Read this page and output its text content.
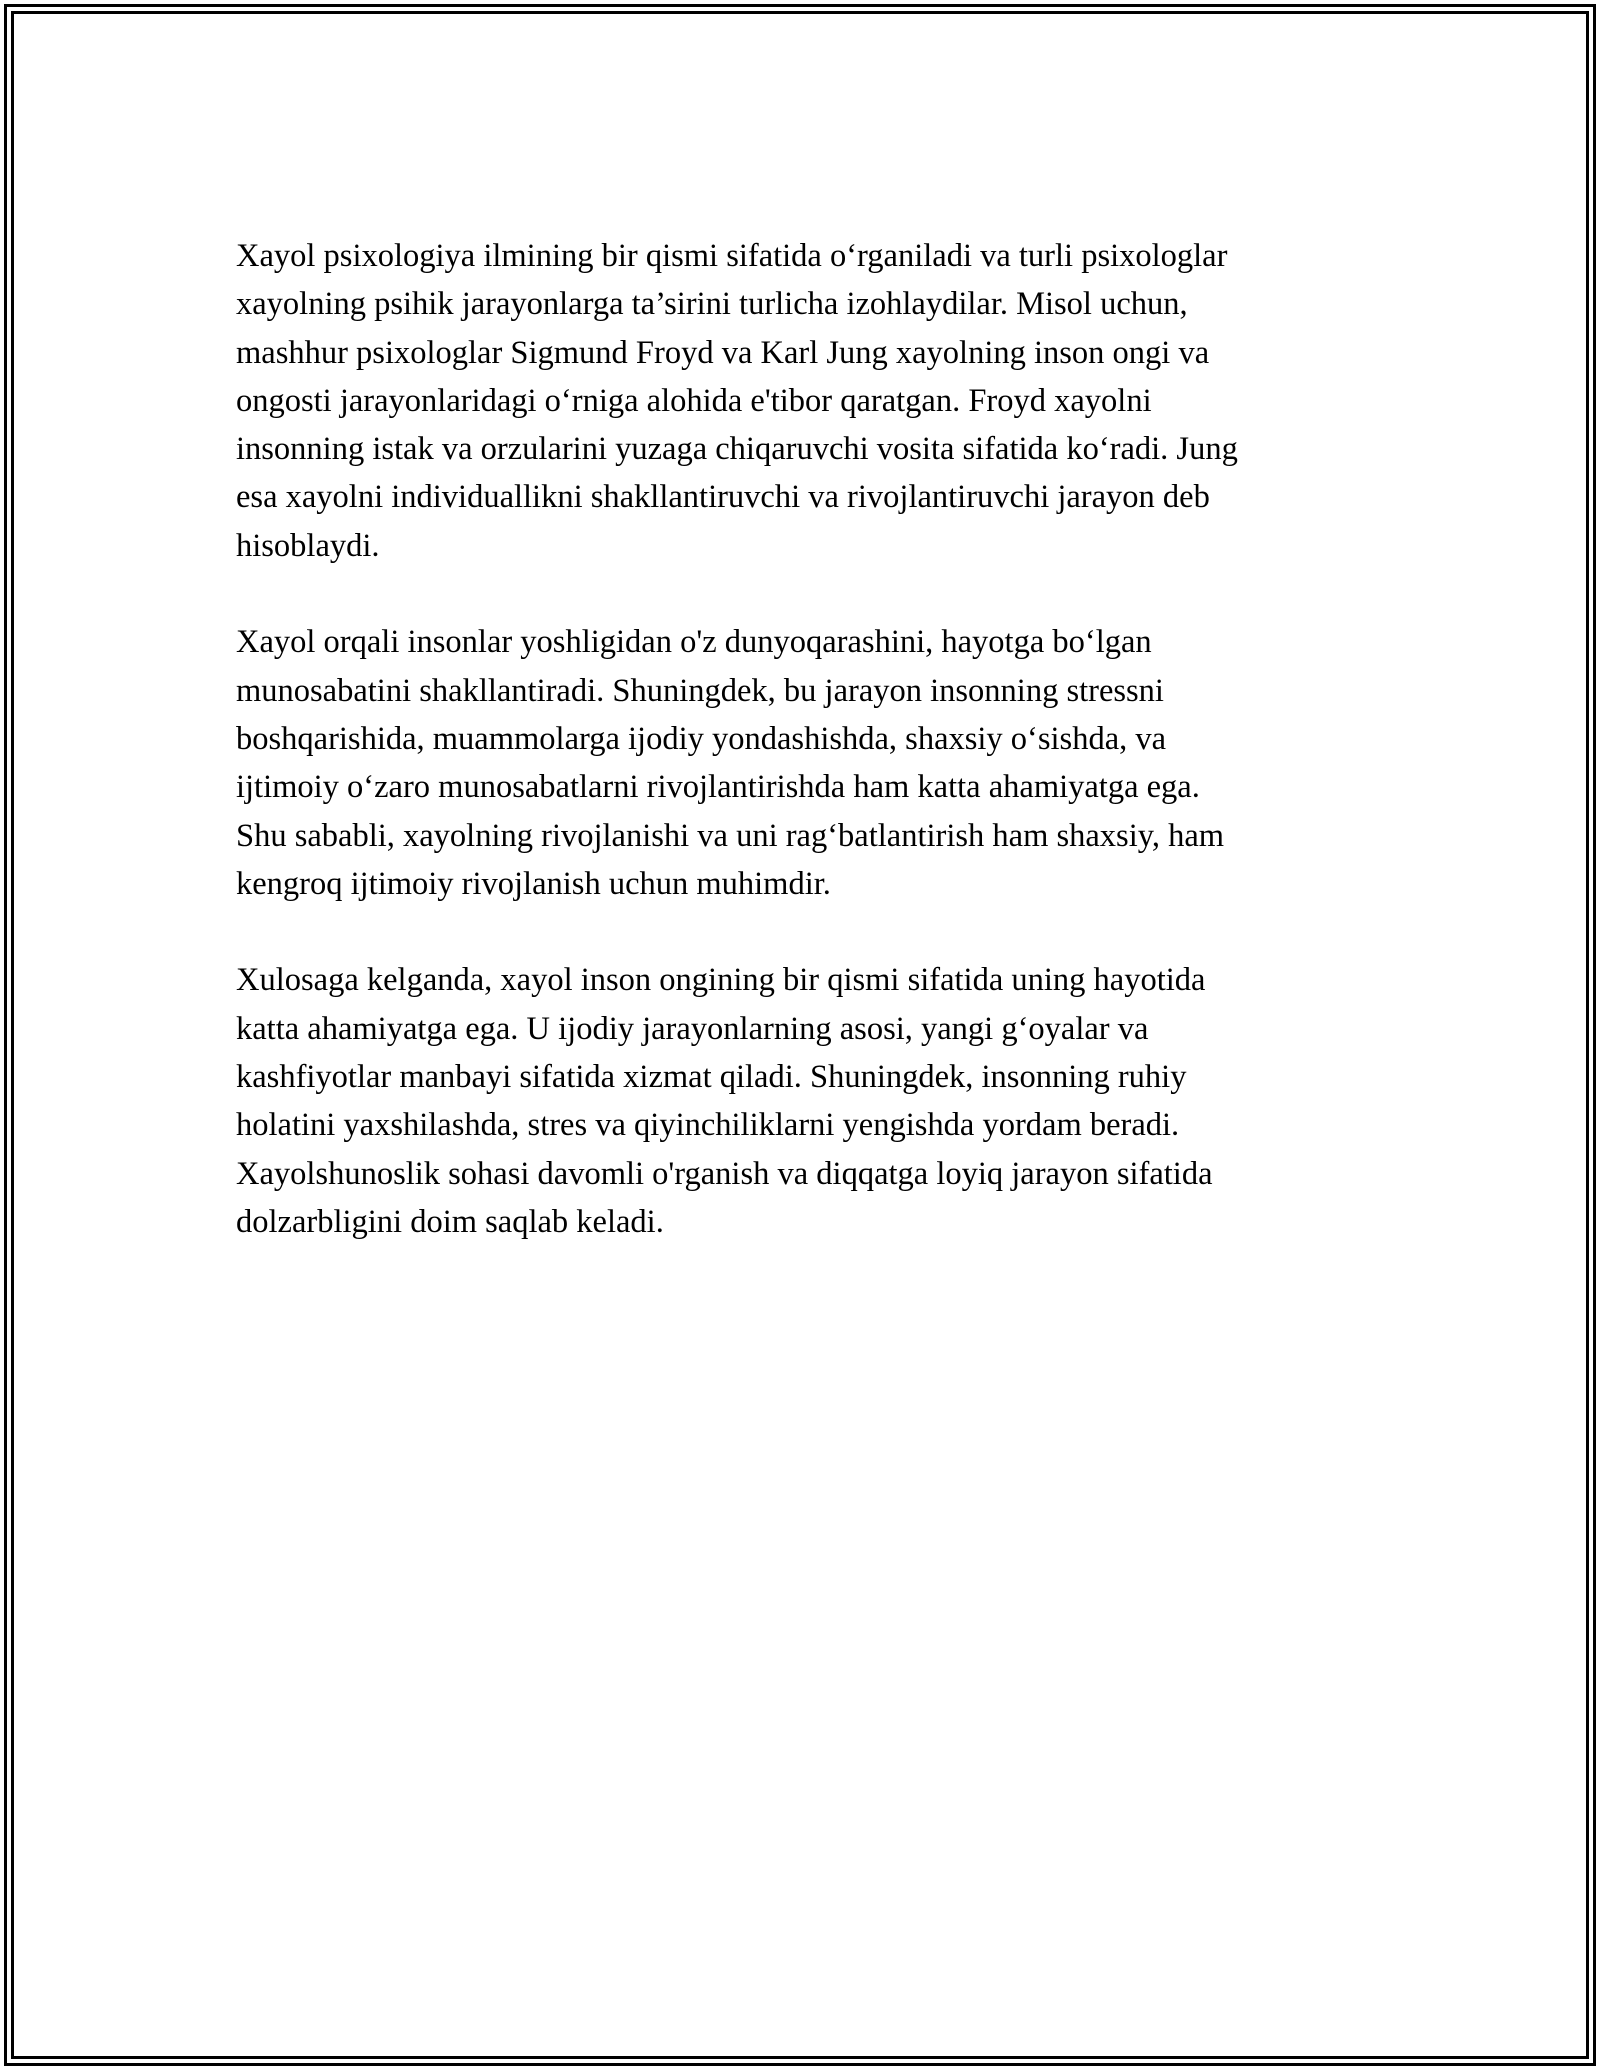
Xayol psixologiya ilmining bir qismi sifatida o‘rganiladi va turli psixologlar
xayolning psihik jarayonlarga ta’sirini turlicha izohlaydilar. Misol uchun,
mashhur psixologlar Sigmund Froyd va Karl Jung xayolning inson ongi va
ongosti jarayonlaridagi o‘rniga alohida e'tibor qaratgan. Froyd xayolni
insonning istak va orzularini yuzaga chiqaruvchi vosita sifatida ko‘radi. Jung
esa xayolni individuallikni shakllantiruvchi va rivojlantiruvchi jarayon deb
hisoblaydi.

Xayol orqali insonlar yoshligidan o'z dunyoqarashini, hayotga bo‘lgan
munosabatini shakllantiradi. Shuningdek, bu jarayon insonning stressni
boshqarishida, muammolarga ijodiy yondashishda, shaxsiy o‘sishda, va
ijtimoiy o‘zaro munosabatlarni rivojlantirishda ham katta ahamiyatga ega.
Shu sababli, xayolning rivojlanishi va uni rag‘batlantirish ham shaxsiy, ham
kengroq ijtimoiy rivojlanish uchun muhimdir.

Xulosaga kelganda, xayol inson ongining bir qismi sifatida uning hayotida
katta ahamiyatga ega. U ijodiy jarayonlarning asosi, yangi g‘oyalar va
kashfiyotlar manbayi sifatida xizmat qiladi. Shuningdek, insonning ruhiy
holatini yaxshilashda, stres va qiyinchiliklarni yengishda yordam beradi.
Xayolshunoslik sohasi davomli o'rganish va diqqatga loyiq jarayon sifatida
dolzarbligini doim saqlab keladi.
